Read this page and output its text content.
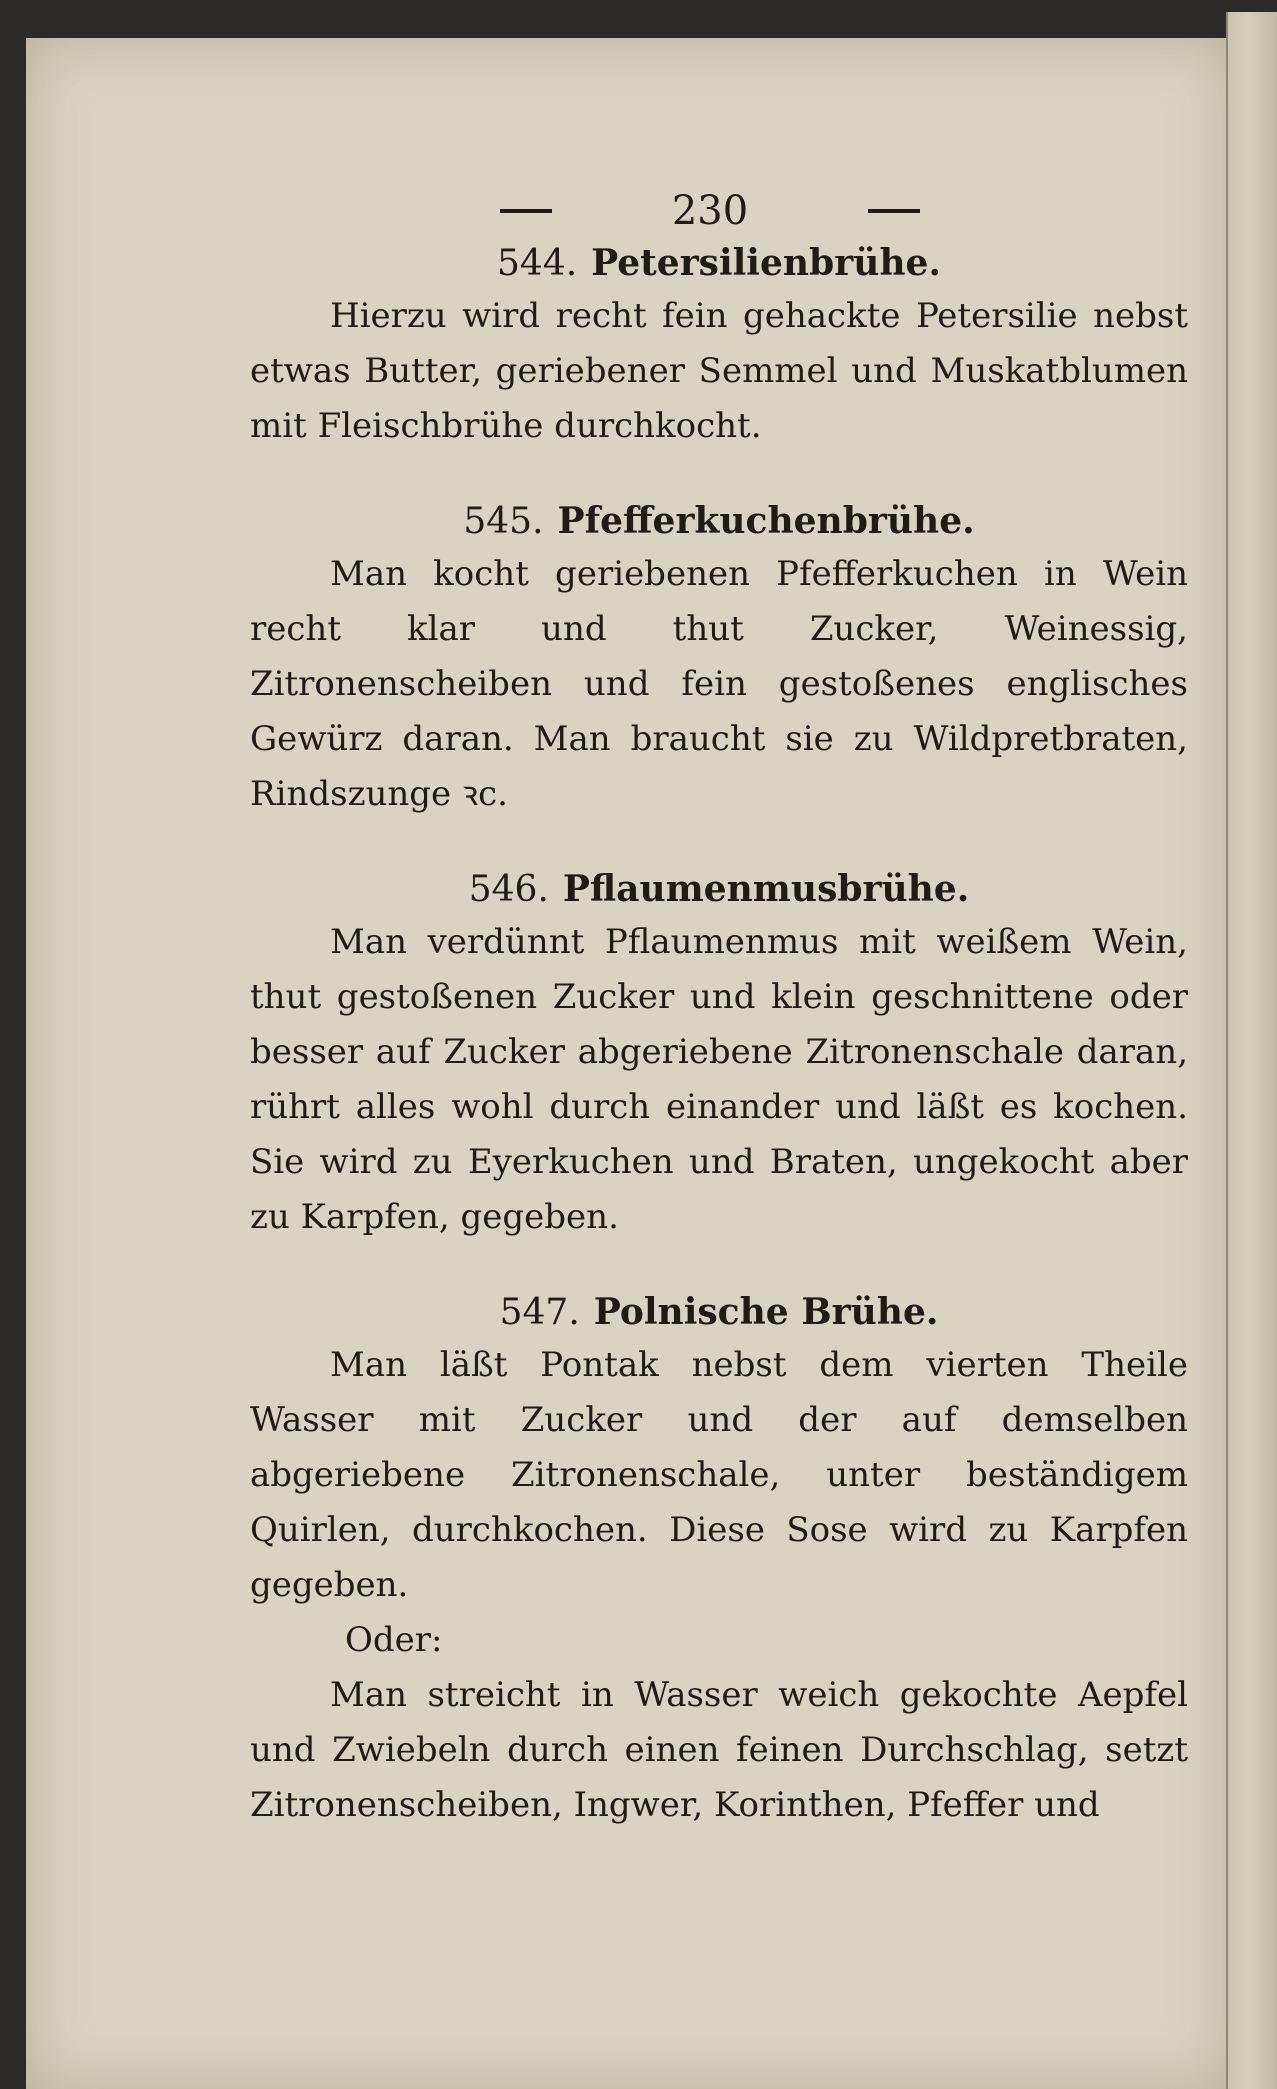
230
544. Petersilienbrühe.

Hierzu wird recht fein gehackte Petersilie nebst etwas Butter, geriebener Semmel und Muskatblumen mit Fleischbrühe durchkocht.

545. Pfefferkuchenbrühe.

Man kocht geriebenen Pfefferkuchen in Wein recht klar und thut Zucker, Weinessig, Zitronenscheiben und fein gestoßenes englisches Gewürz daran. Man braucht sie zu Wildpretbraten, Rindszunge ꝛc.

546. Pflaumenmusbrühe.

Man verdünnt Pflaumenmus mit weißem Wein, thut gestoßenen Zucker und klein geschnittene oder besser auf Zucker abgeriebene Zitronenschale daran, rührt alles wohl durch einander und läßt es kochen. Sie wird zu Eyerkuchen und Braten, ungekocht aber zu Karpfen, gegeben.

547. Polnische Brühe.

Man läßt Pontak nebst dem vierten Theile Wasser mit Zucker und der auf demselben abgeriebene Zitronenschale, unter beständigem Quirlen, durchkochen. Diese Sose wird zu Karpfen gegeben.

Oder:

Man streicht in Wasser weich gekochte Aepfel und Zwiebeln durch einen feinen Durchschlag, setzt Zitronenscheiben, Ingwer, Korinthen, Pfeffer und
